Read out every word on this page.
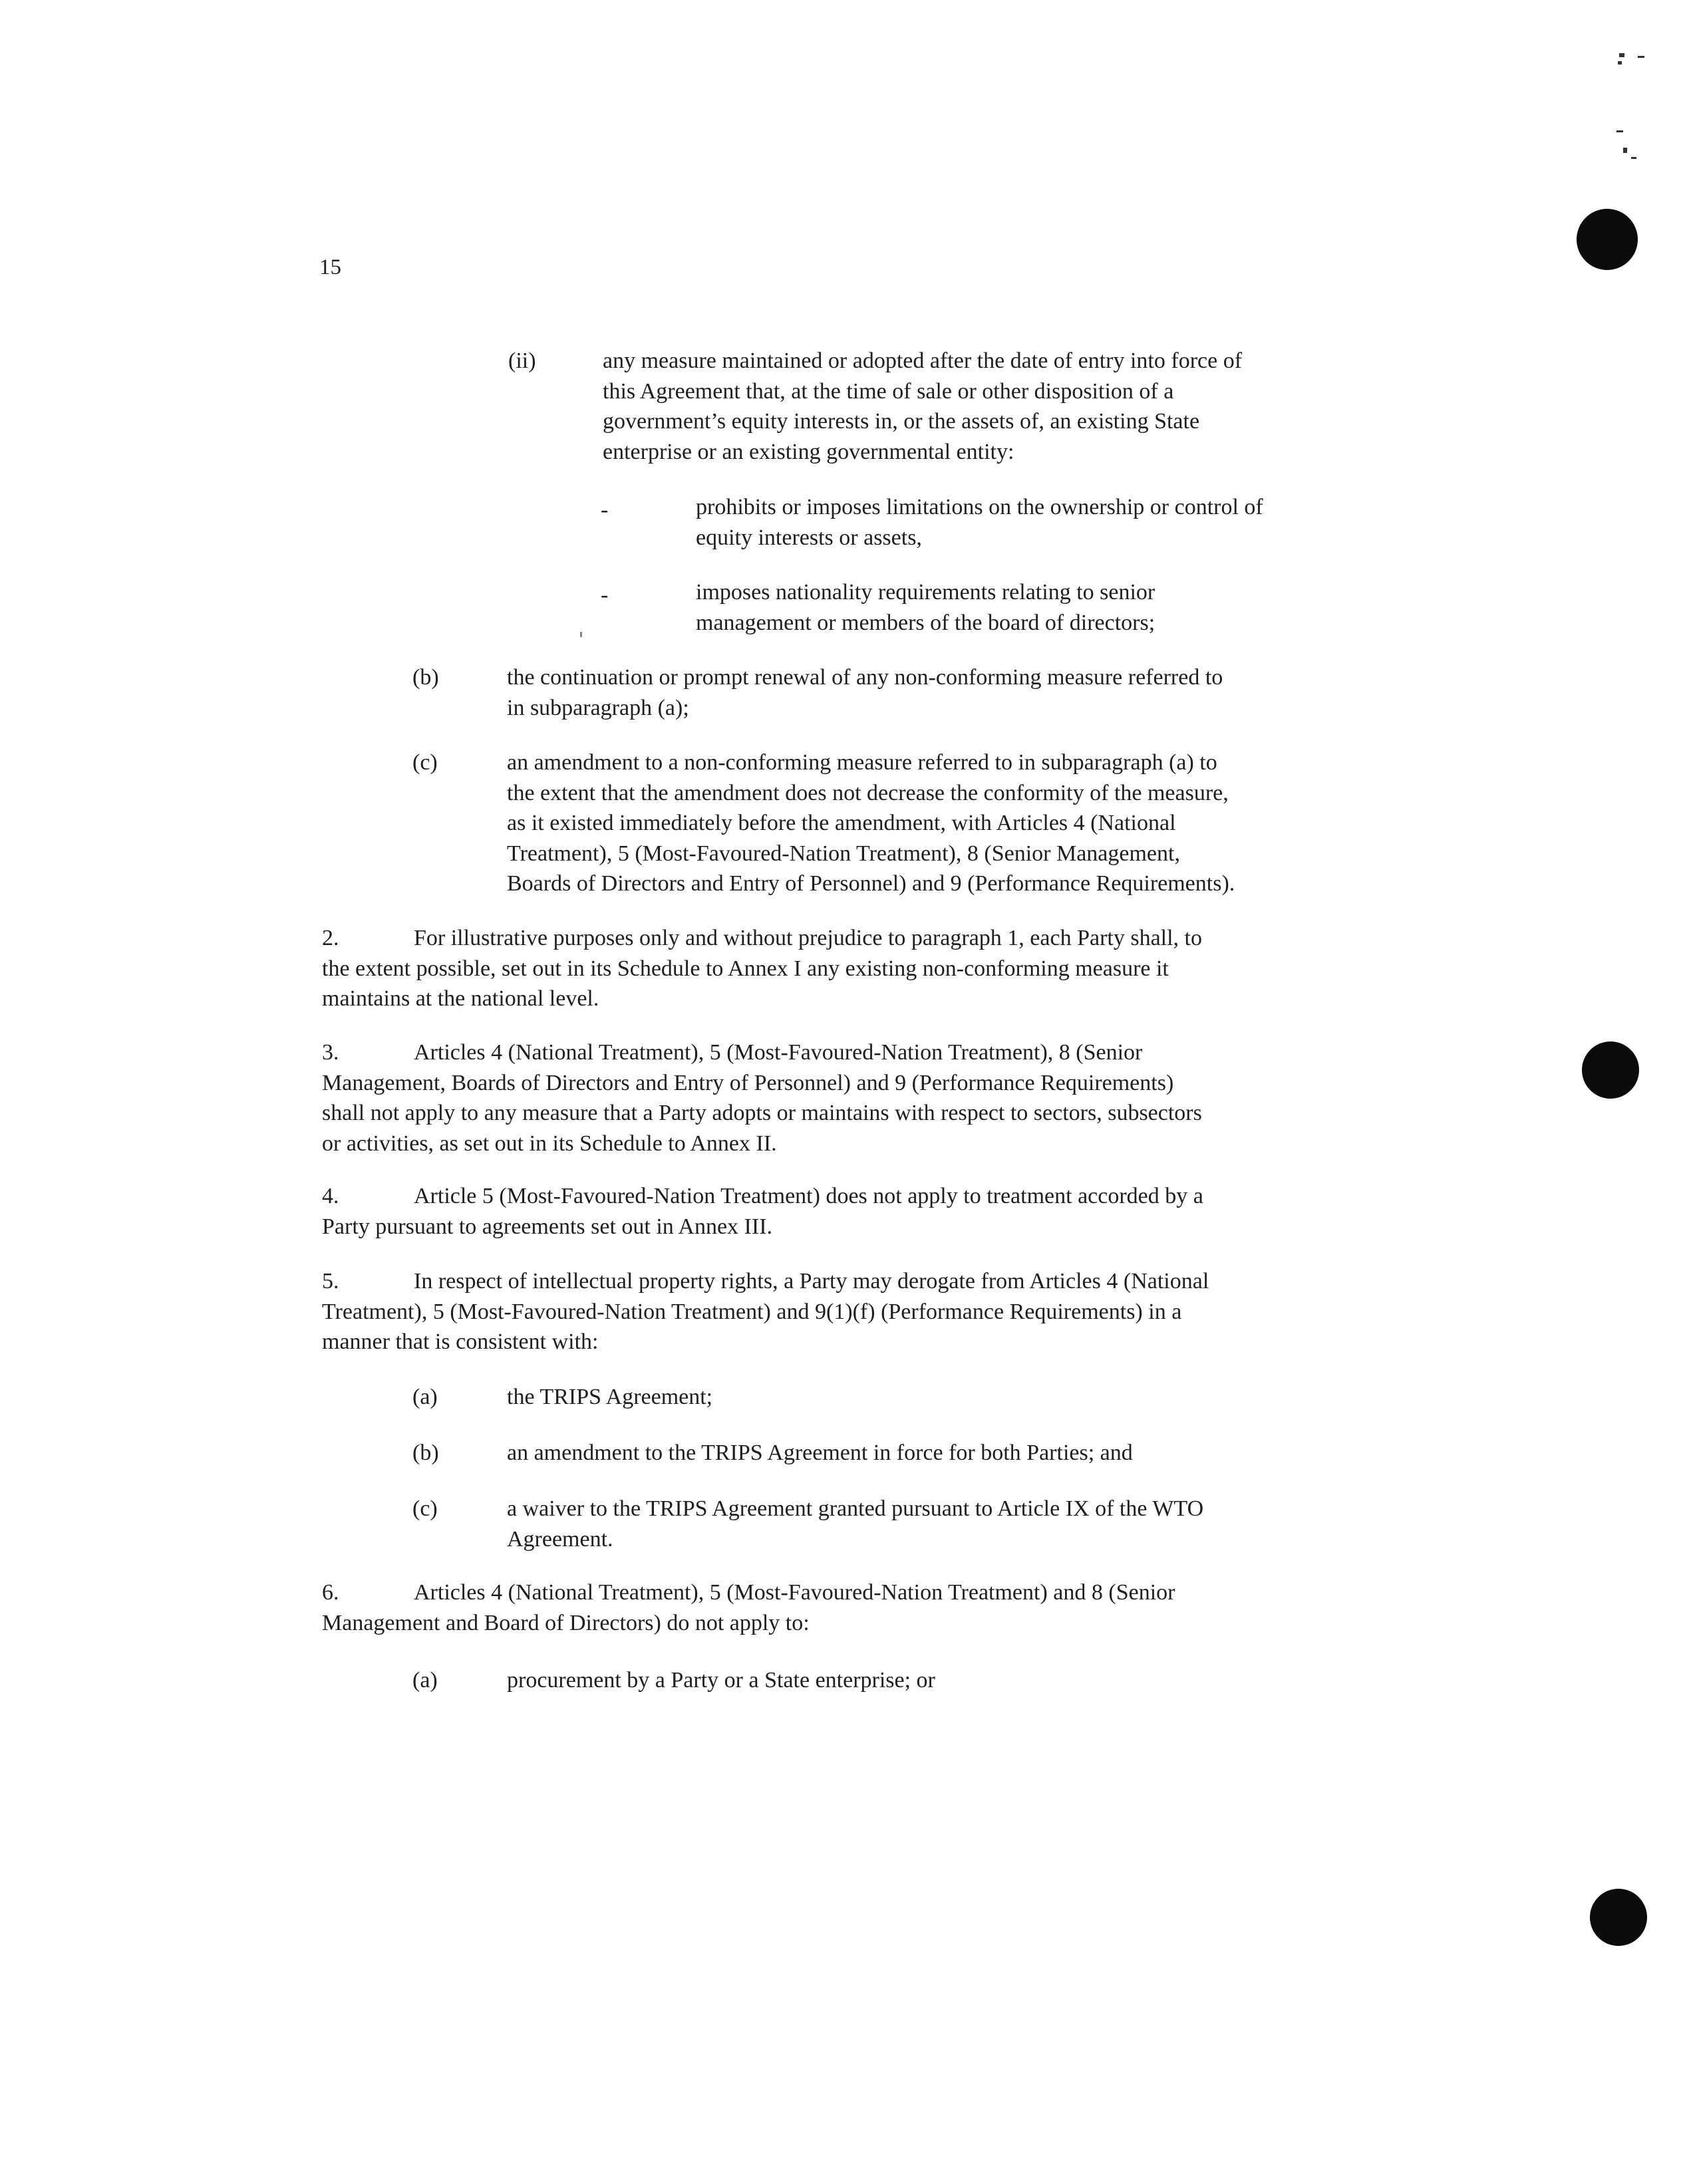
15
(ii)	any measure maintained or adopted after the date of entry into force of
this Agreement that, at the time of sale or other disposition of a
government’s equity interests in, or the assets of, an existing State
enterprise or an existing governmental entity:
-	prohibits or imposes limitations on the ownership or control of
equity interests or assets,
-	imposes nationality requirements relating to senior
management or members of the board of directors;
(b)	the continuation or prompt renewal of any non-conforming measure referred to
in subparagraph (a);
(c)	an amendment to a non-conforming measure referred to in subparagraph (a) to
the extent that the amendment does not decrease the conformity of the measure,
as it existed immediately before the amendment, with Articles 4 (National
Treatment), 5 (Most-Favoured-Nation Treatment), 8 (Senior Management,
Boards of Directors and Entry of Personnel) and 9 (Performance Requirements).
2.	For illustrative purposes only and without prejudice to paragraph 1, each Party shall, to
the extent possible, set out in its Schedule to Annex I any existing non-conforming measure it
maintains at the national level.
3.	Articles 4 (National Treatment), 5 (Most-Favoured-Nation Treatment), 8 (Senior
Management, Boards of Directors and Entry of Personnel) and 9 (Performance Requirements)
shall not apply to any measure that a Party adopts or maintains with respect to sectors, subsectors
or activities, as set out in its Schedule to Annex II.
4.	Article 5 (Most-Favoured-Nation Treatment) does not apply to treatment accorded by a
Party pursuant to agreements set out in Annex III.
5.	In respect of intellectual property rights, a Party may derogate from Articles 4 (National
Treatment), 5 (Most-Favoured-Nation Treatment) and 9(1)(f) (Performance Requirements) in a
manner that is consistent with:
(a)	the TRIPS Agreement;
(b)	an amendment to the TRIPS Agreement in force for both Parties; and
(c)	a waiver to the TRIPS Agreement granted pursuant to Article IX of the WTO
Agreement.
6.	Articles 4 (National Treatment), 5 (Most-Favoured-Nation Treatment) and 8 (Senior
Management and Board of Directors) do not apply to:
(a)	procurement by a Party or a State enterprise; or
